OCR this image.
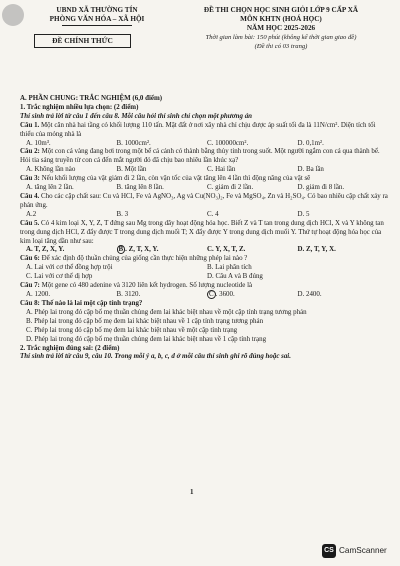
UBND XÃ THƯỜNG TÍN
PHÒNG VĂN HÓA – XÃ HỘI
ĐỀ CHÍNH THỨC
ĐỀ THI CHỌN HỌC SINH GIỎI LỚP 9 CẤP XÃ
MÔN KHTN (HOÁ HỌC)
NĂM HỌC 2025-2026
Thời gian làm bài: 150 phút (không kể thời gian giao đề)
(Đề thi có 03 trang)
A. PHẦN CHUNG: TRẮC NGHIỆM (6,0 điểm)
1. Trắc nghiệm nhiều lựa chọn: (2 điểm)
Thí sinh trả lời từ câu 1 đến câu 8. Mỗi câu hỏi thí sinh chỉ chọn một phương án
Câu 1. Một căn nhà hai tầng có khối lượng 110 tấn. Mặt đất ở nơi xây nhà chỉ chịu được áp suất tối đa là 11N/cm². Diện tích tối thiểu của móng nhà là
A. 10m³.	B. 1000cm².	C. 100000cm².	D. 0,1m².
Câu 2: Một con cá vàng đang bơi trong một bể cá cảnh có thành bằng thủy tinh trong suốt. Một người ngắm con cá qua thành bể. Hỏi tia sáng truyền từ con cá đến mắt người đó đã chịu bao nhiêu lần khúc xạ?
A. Không lần nào	B. Một lần	C. Hai lần	D. Ba lần
Câu 3: Nếu khối lượng của vật giảm đi 2 lần, còn vận tốc của vật tăng lên 4 lần thì động năng của vật sẽ
A. tăng lên 2 lần.	B. tăng lên 8 lần.	C. giảm đi 2 lần.	D. giảm đi 8 lần.
Câu 4. Cho các cặp chất sau: Cu và HCl, Fe và AgNO₃, Ag và Cu(NO₃)₂, Fe và MgSO₄, Zn và H₂SO₄. Có bao nhiêu cặp chất xảy ra phản ứng.
A.2	B. 3	C. 4	D. 5
Câu 5. Có 4 kim loại X, Y, Z, T đứng sau Mg trong dãy hoạt động hóa học. Biết Z và T tan trong dung dịch HCl, X và Y không tan trong dung dịch HCl, Z đẩy được T trong dung dịch muối T; X đẩy được Y trong dung dịch muối Y. Thứ tự hoạt động hóa học của kim loại tăng dần như sau:
A. T, Z, X, Y.	B . Z, T, X, Y.	C. Y, X, T, Z.	D. Z, T, Y, X.
Câu 6: Để xác định độ thuần chủng của giống cần thực hiện những phép lai nào ?
A. Lai với cơ thể đồng hợp trội	B. Lai phân tích
C. Lai với cơ thể dị hợp	D. Câu A và B đúng
Câu 7: Một gene có 480 adenine và 3120 liên kết hydrogen. Số lượng nucleotide là
A. 1200.	B. 3120.	C . 3600.	D. 2400.
Câu 8: Thế nào là lai một cặp tính trạng?
A. Phép lai trong đó cặp bố mẹ thuần chủng đem lai khác biệt nhau về một cặp tính trạng tương phản
B. Phép lai trong đó cặp bố mẹ đem lai khác biệt nhau về 1 cặp tính trạng tương phản
C. Phép lai trong đó cặp bố mẹ đem lai khác biệt nhau về một cặp tính trạng
D. Phép lai trong đó cặp bố mẹ thuần chủng đem lai khác biệt nhau về 1 cặp tính trạng
2. Trắc nghiệm đúng sai: (2 điểm)
Thí sinh trả lời từ câu 9, câu 10. Trong mỗi ý a, b, c, d ở mỗi câu thí sinh ghi rõ đúng hoặc sai.
1
CS CamScanner
